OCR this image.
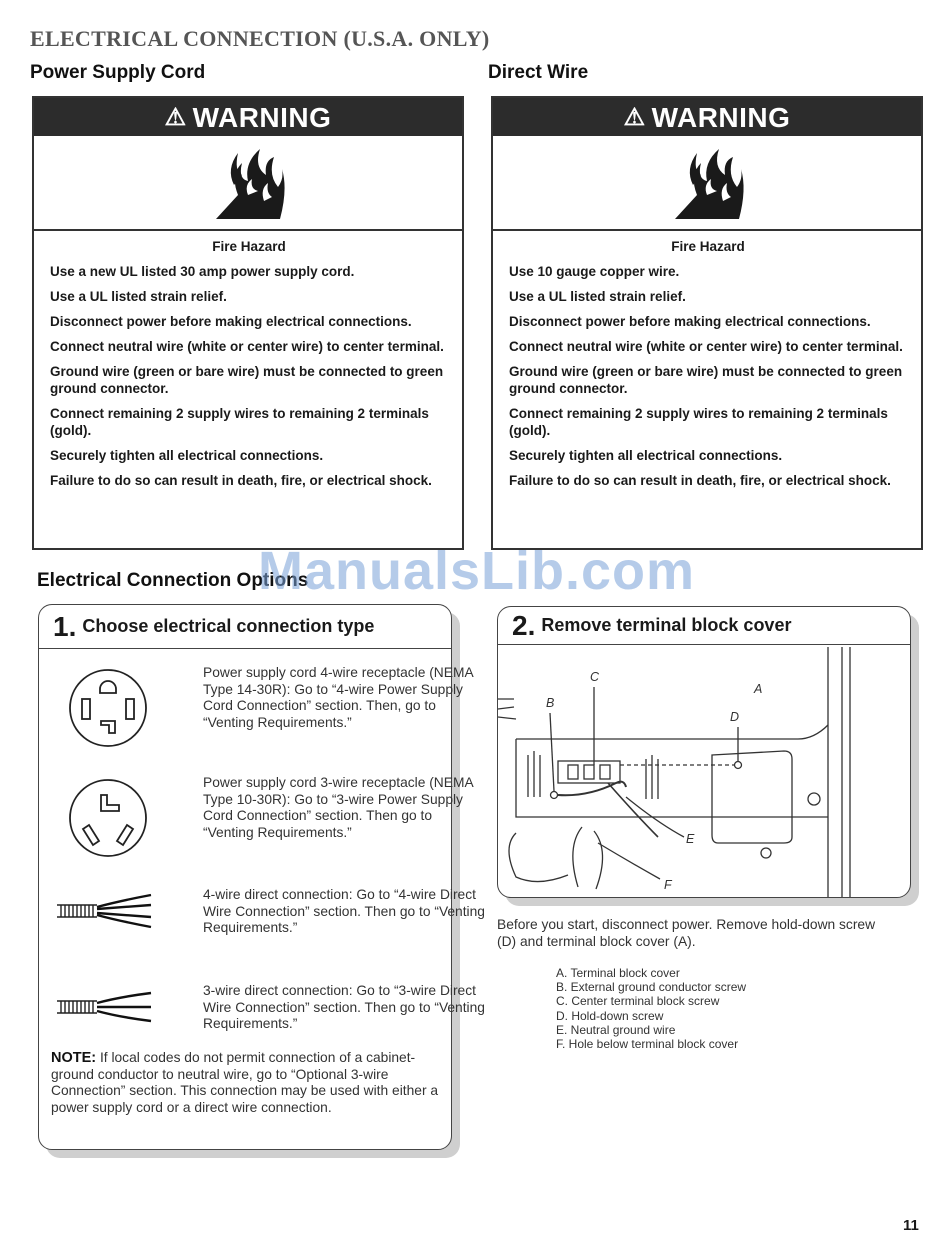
ELECTRICAL CONNECTION (U.S.A. ONLY)
Power Supply Cord	Direct Wire
⚠ WARNING
Fire Hazard
Use a new UL listed 30 amp power supply cord.
Use a UL listed strain relief.
Disconnect power before making electrical connections.
Connect neutral wire (white or center wire) to center terminal.
Ground wire (green or bare wire) must be connected to green ground connector.
Connect remaining 2 supply wires to remaining 2 terminals (gold).
Securely tighten all electrical connections.
Failure to do so can result in death, fire, or electrical shock.
⚠ WARNING
Fire Hazard
Use 10 gauge copper wire.
Use a UL listed strain relief.
Disconnect power before making electrical connections.
Connect neutral wire (white or center wire) to center terminal.
Ground wire (green or bare wire) must be connected to green ground connector.
Connect remaining 2 supply wires to remaining 2 terminals (gold).
Securely tighten all electrical connections.
Failure to do so can result in death, fire, or electrical shock.
Electrical Connection Options
ManualsLib.com
1. Choose electrical connection type
Power supply cord 4-wire receptacle (NEMA Type 14-30R): Go to “4-wire Power Supply Cord Connection” section. Then, go to “Venting Requirements.”
Power supply cord 3-wire receptacle (NEMA Type 10-30R): Go to “3-wire Power Supply Cord Connection” section. Then go to “Venting Requirements.”
4-wire direct connection: Go to “4-wire Direct Wire Connection” section. Then go to “Venting Requirements.”
3-wire direct connection: Go to “3-wire Direct Wire Connection” section. Then go to “Venting Requirements.”
NOTE: If local codes do not permit connection of a cabinet-ground conductor to neutral wire, go to “Optional 3-wire Connection” section. This connection may be used with either a power supply cord or a direct wire connection.
2. Remove terminal block cover
C
B
A
D
E
F
Before you start, disconnect power. Remove hold-down screw (D) and terminal block cover (A).
A. Terminal block cover
B. External ground conductor screw
C. Center terminal block screw
D. Hold-down screw
E. Neutral ground wire
F. Hole below terminal block cover
11
